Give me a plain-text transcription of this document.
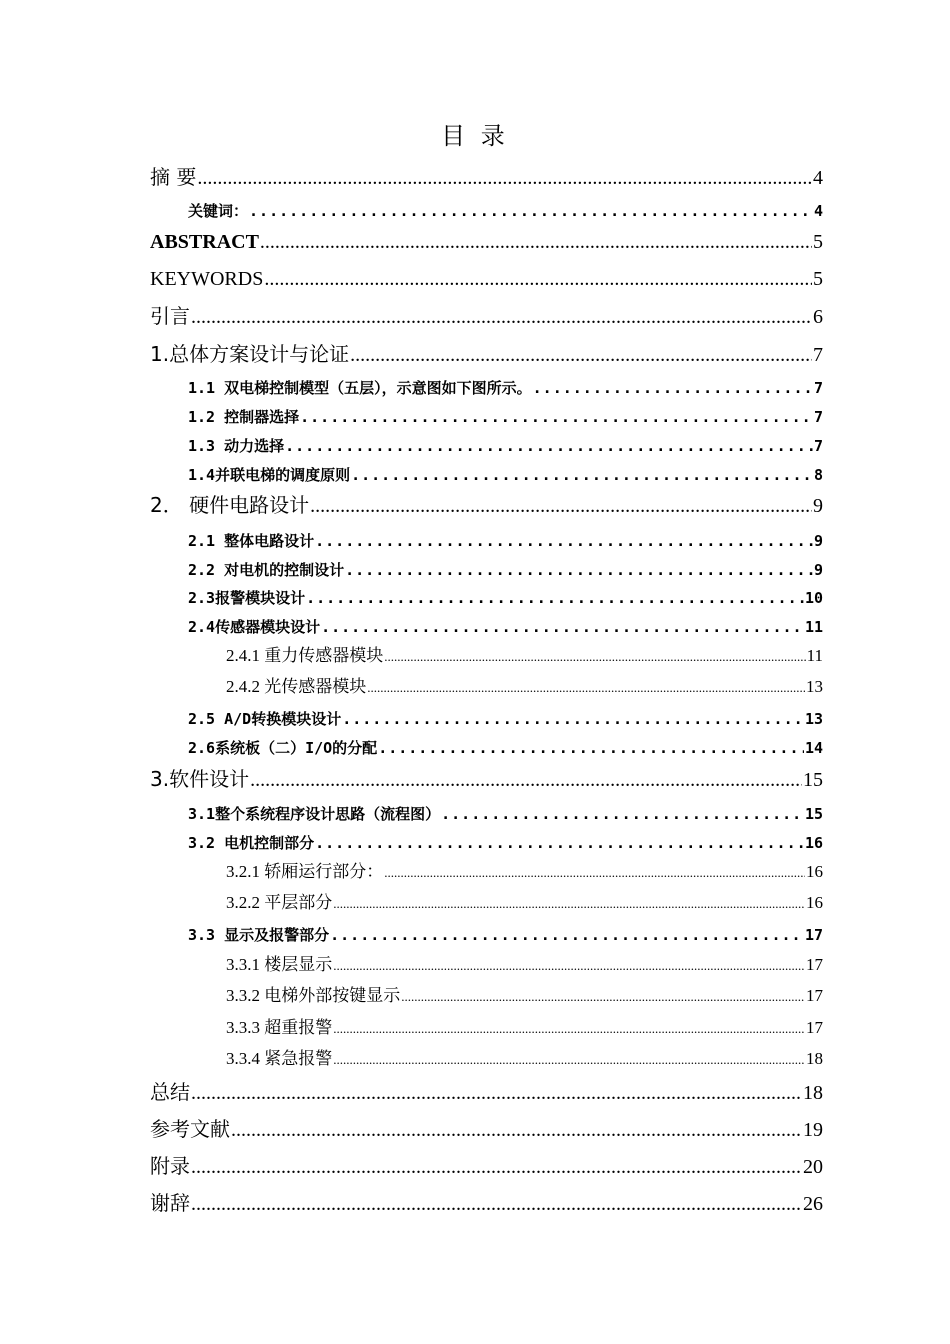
目 录
摘 要 .....	4
关键词： .....	4
ABSTRACT .....	5
KEYWORDS .....	5
引言 .....	6
1.总体方案设计与论证 .....	7
1.1 双电梯控制模型（五层），示意图如下图所示。 .....	7
1.2 控制器选择 .....	7
1.3 动力选择 .....	7
1.4并联电梯的调度原则 .....	8
2． 硬件电路设计 .....	9
2.1 整体电路设计 .....	9
2.2 对电机的控制设计 .....	9
2.3报警模块设计 .....	10
2.4传感器模块设计 .....	11
2.4.1 重力传感器模块 .....	11
2.4.2 光传感器模块 .....	13
2.5 A/D转换模块设计 .....	13
2.6系统板（二）I/O的分配 .....	14
3.软件设计 .....	15
3.1整个系统程序设计思路（流程图） .....	15
3.2 电机控制部分 .....	16
3.2.1 轿厢运行部分： .....	16
3.2.2 平层部分 .....	16
3.3 显示及报警部分 .....	17
3.3.1 楼层显示 .....	17
3.3.2 电梯外部按键显示 .....	17
3.3.3 超重报警 .....	17
3.3.4 紧急报警 .....	18
总结 .....	18
参考文献 .....	19
附录 .....	20
谢辞 .....	26
